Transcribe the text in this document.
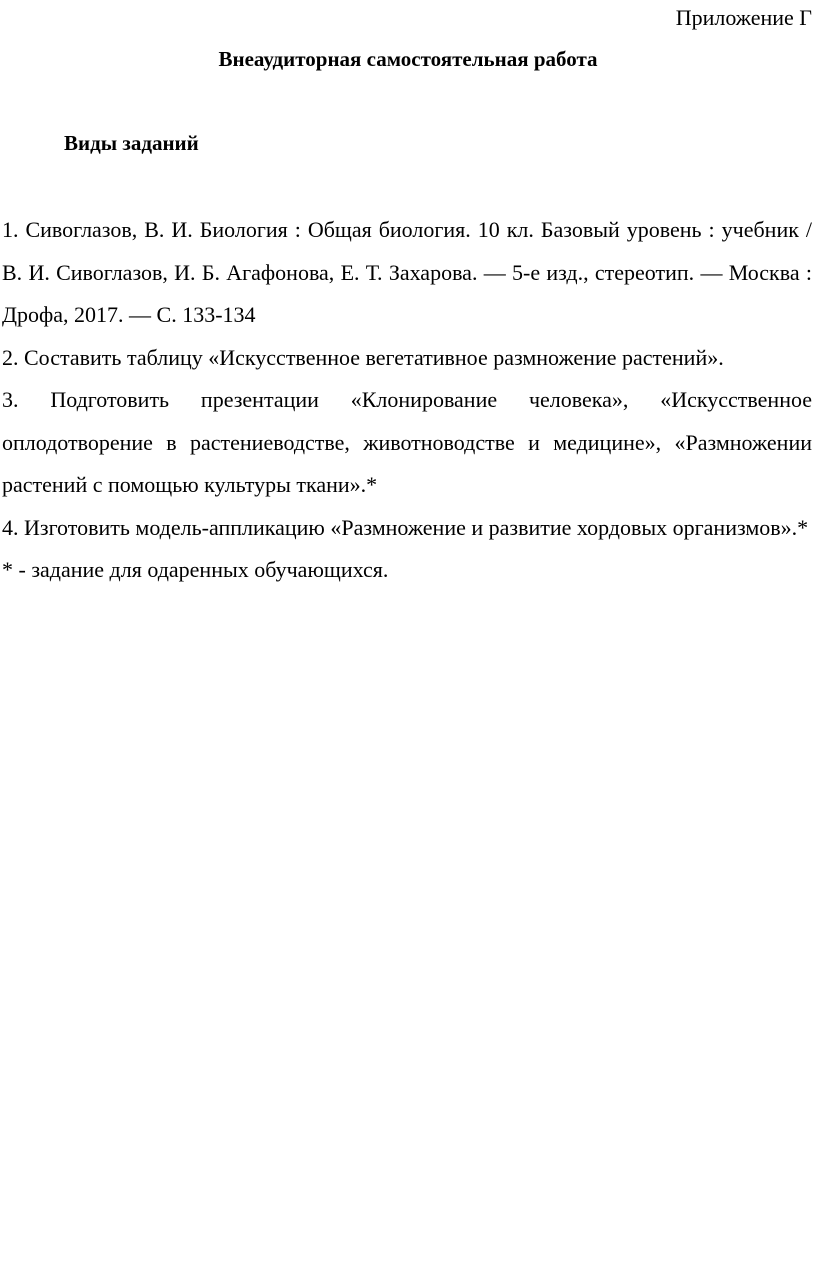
Приложение Г
Внеаудиторная самостоятельная работа
Виды заданий

1. Сивоглазов, В. И. Биология : Общая биология. 10 кл. Базовый уровень : учебник / В. И. Сивоглазов, И. Б. Агафонова, Е. Т. Захарова. — 5-е изд., стереотип. — Москва : Дрофа, 2017. — С. 133-134

2. Составить таблицу «Искусственное вегетативное размножение растений».

3. Подготовить презентации «Клонирование человека», «Искусственное оплодотворение в растениеводстве, животноводстве и медицине», «Размножении растений с помощью культуры ткани».*

4. Изготовить модель-аппликацию «Размножение и развитие хордовых организмов».*

* - задание для одаренных обучающихся.
